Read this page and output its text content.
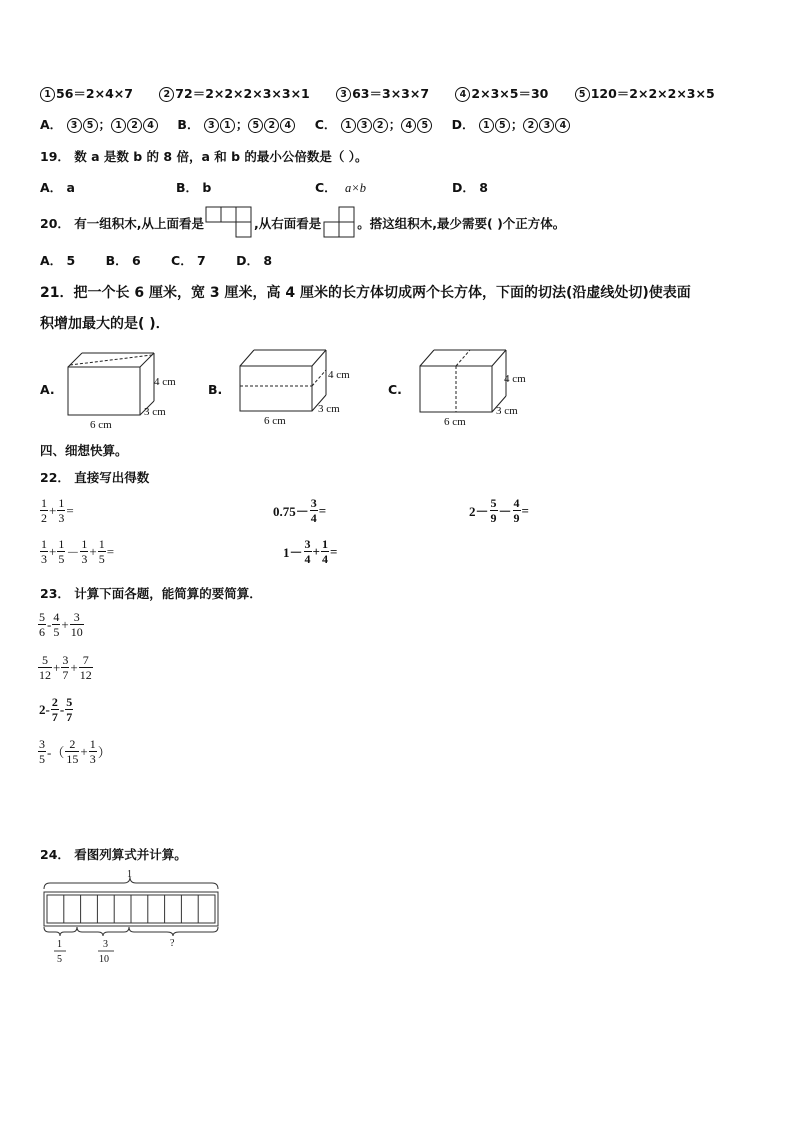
1 56＝2×4×7	2 72＝2×2×2×3×3×1	3 63＝3×3×7	4 2×3×5＝30	5 120＝2×2×2×3×5
A． 3 5 ； 1 2 4 B． 3 1 ； 5 2 4 C． 1 3 2 ； 4 5 D． 1 5 ； 2 3 4
19． 数 a 是数 b 的 8 倍，a 和 b 的最小公倍数是（ ）。
A． a	B． b	C． a×b	D． 8
20． 有一组积木,从上面看是	,从右面看是	。搭这组积木,最少需要( )个正方体。
A． 5 B． 6 C． 7 D． 8
21．把一个长 6 厘米，宽 3 厘米，高 4 厘米的长方体切成两个长方体，下面的切法(沿虚线处切)使表面
积增加最大的是( )．
A.	4 cm
3 cm
6 cm
B.
4 cm
3 cm
6 cm
C.
4 cm
3 cm
6 cm
四、细想快算。
22． 直接写出得数
$\frac{1}{2} + \frac{1}{3}$ =	$0.75- \frac{3}{4}$ =	$2- \frac{5}{9} - \frac{4}{9}$ =
$\frac{1}{3} + \frac{1}{5} - \frac{1}{3} + \frac{1}{5}$ =	$1- \frac{3}{4} + \frac{1}{4}$ =
23． 计算下面各题，能简算的要简算．
$\frac{5}{6} - \frac{4}{5} + \frac{3}{10}$
$\frac{5}{12} + \frac{3}{7} + \frac{7}{12}$
$2- \frac{2}{7} - \frac{5}{7}$
$\frac{3}{5}$ -（ $\frac{2}{15} + \frac{1}{3}$ ）
24． 看图列算式并计算。
1
1
5
3
10
?
